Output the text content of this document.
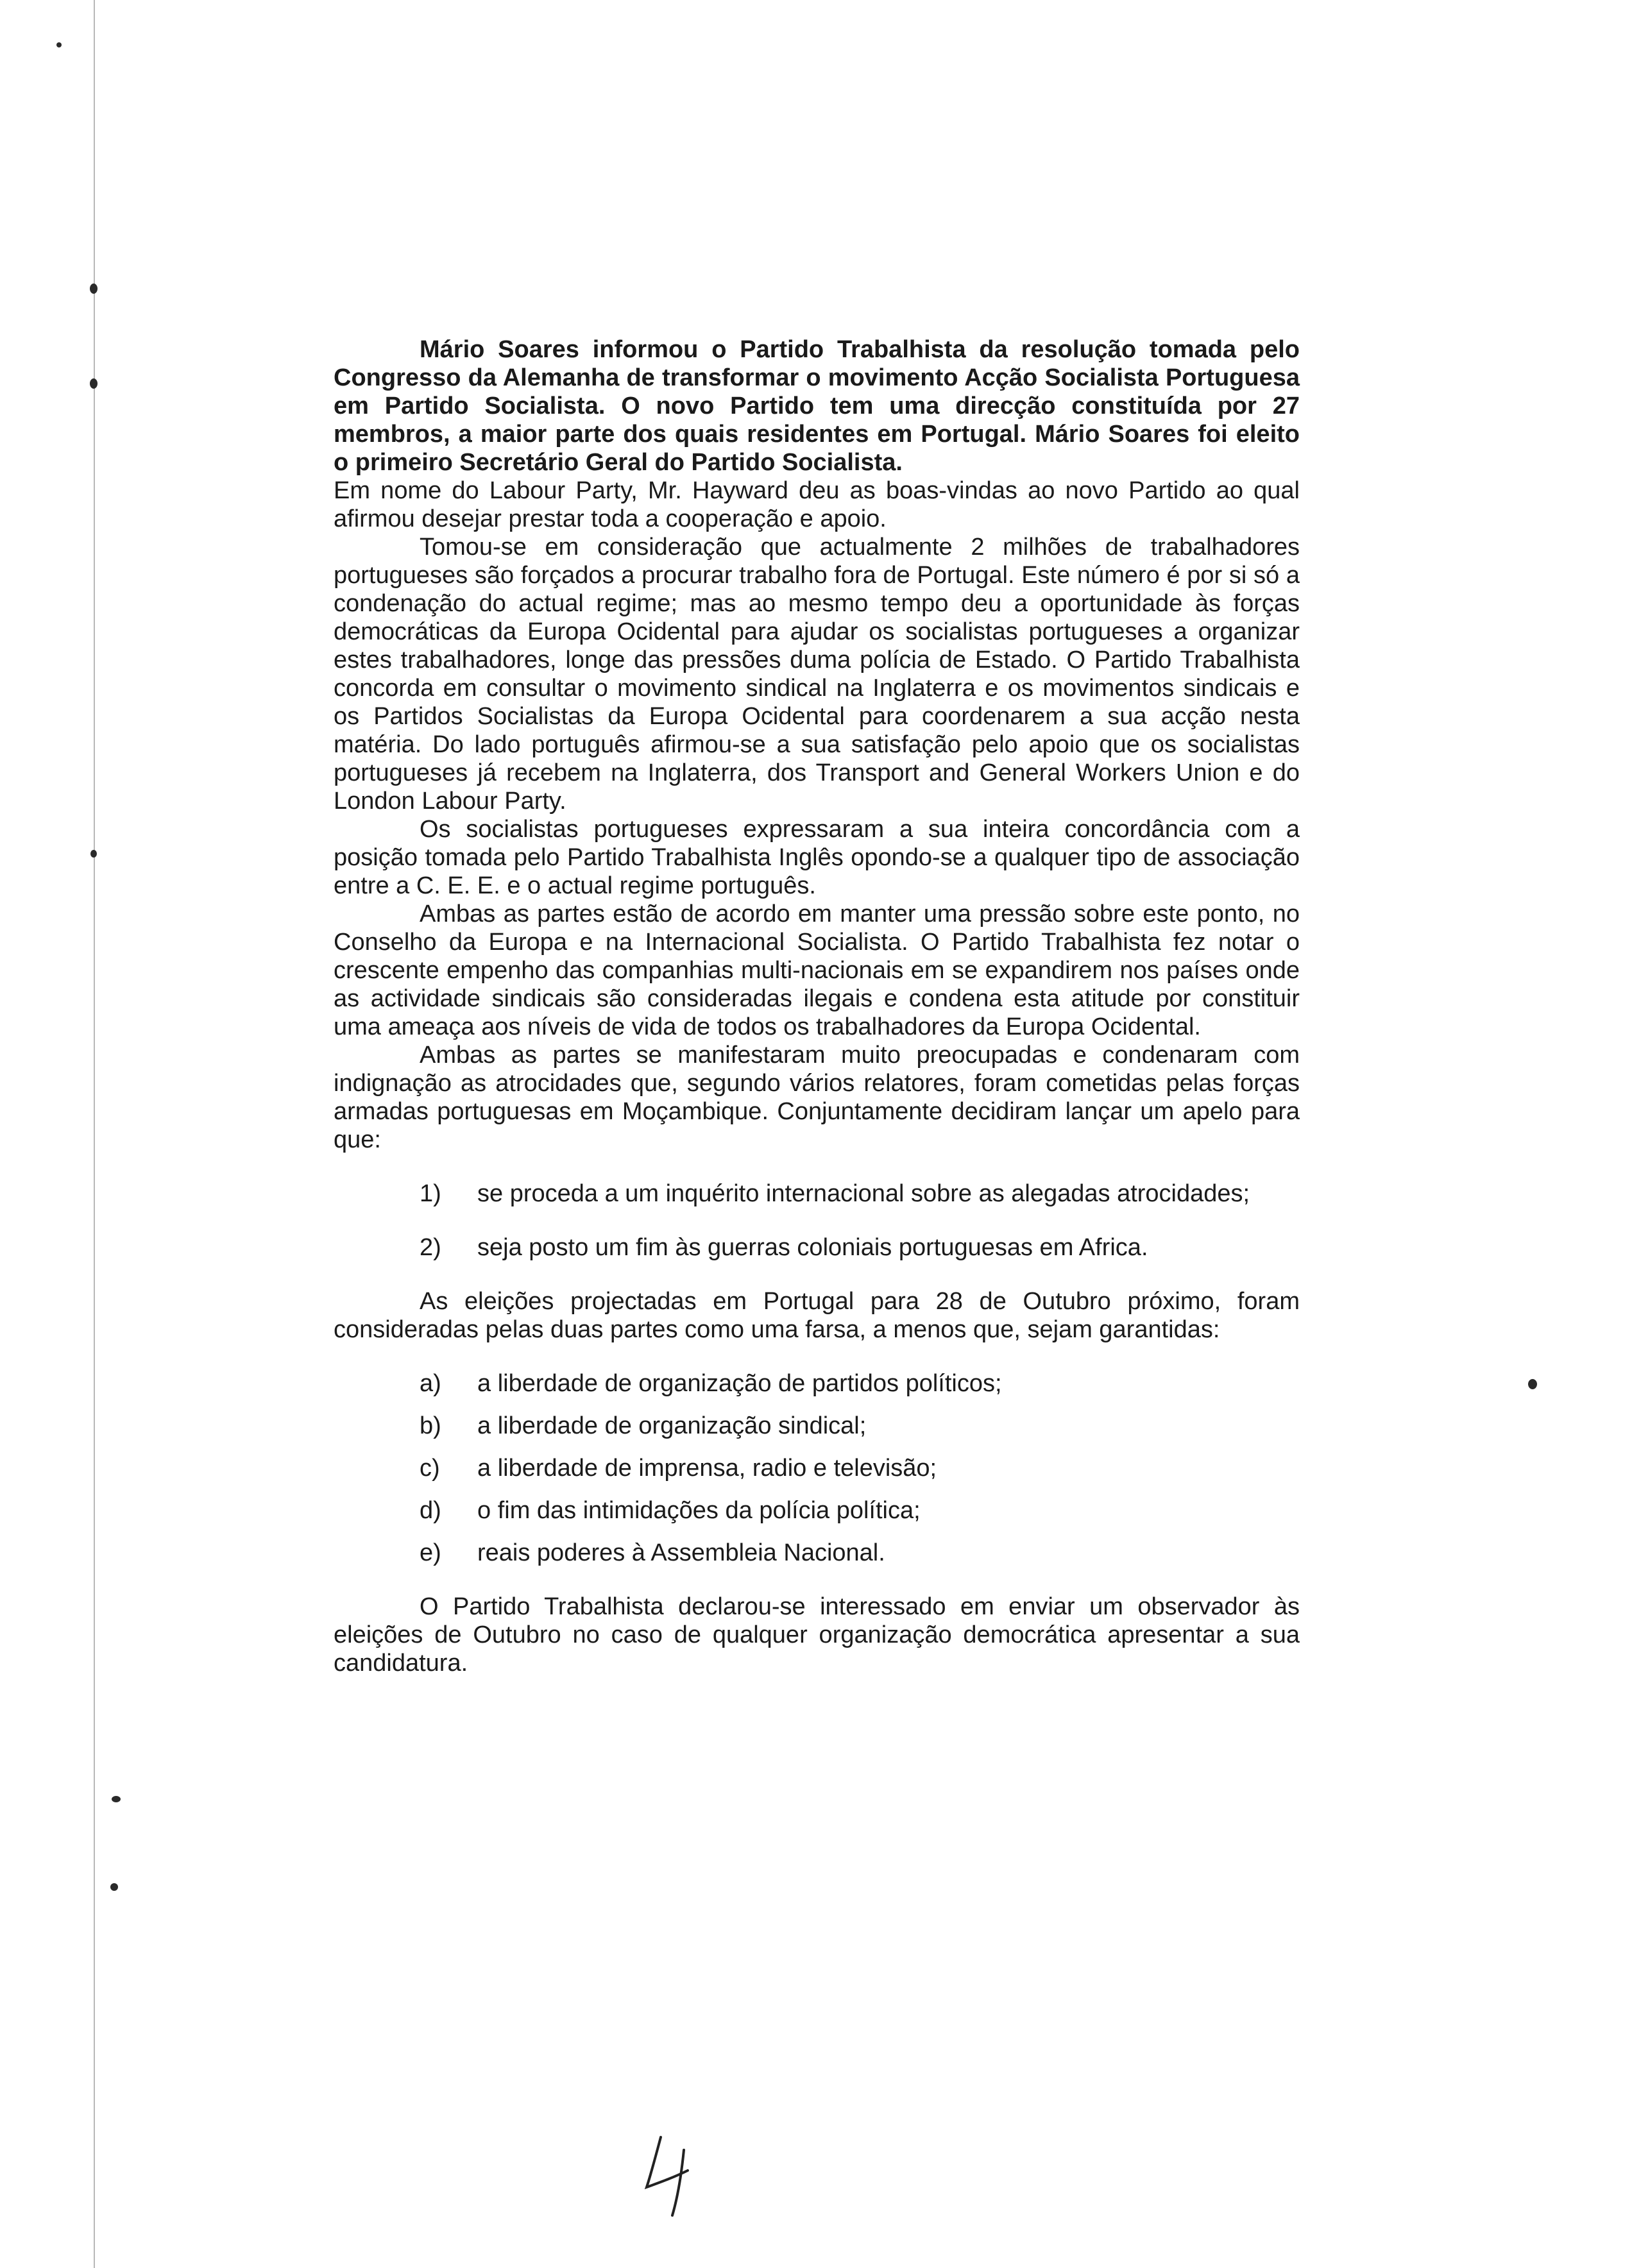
Mário Soares informou o Partido Trabalhista da resolução tomada pelo Congresso da Alemanha de transformar o movimento Acção Socialista Portuguesa em Partido Socialista. O novo Partido tem uma direcção constituída por 27 membros, a maior parte dos quais residentes em Portugal. Mário Soares foi eleito o primeiro Secretário Geral do Partido Socialista.

Em nome do Labour Party, Mr. Hayward deu as boas-vindas ao novo Partido ao qual afirmou desejar prestar toda a cooperação e apoio.

Tomou-se em consideração que actualmente 2 milhões de trabalhadores portugueses são forçados a procurar trabalho fora de Portugal. Este número é por si só a condenação do actual regime; mas ao mesmo tempo deu a oportunidade às forças democráticas da Europa Ocidental para ajudar os socialistas portugueses a organizar estes trabalhadores, longe das pressões duma polícia de Estado. O Partido Trabalhista concorda em consultar o movimento sindical na Inglaterra e os movimentos sindicais e os Partidos Socialistas da Europa Ocidental para coordenarem a sua acção nesta matéria. Do lado português afirmou-se a sua satisfação pelo apoio que os socialistas portugueses já recebem na Inglaterra, dos Transport and General Workers Union e do London Labour Party.

Os socialistas portugueses expressaram a sua inteira concordância com a posição tomada pelo Partido Trabalhista Inglês opondo-se a qualquer tipo de associação entre a C. E. E. e o actual regime português.

Ambas as partes estão de acordo em manter uma pressão sobre este ponto, no Conselho da Europa e na Internacional Socialista. O Partido Trabalhista fez notar o crescente empenho das companhias multi-nacionais em se expandirem nos países onde as actividade sindicais são consideradas ilegais e condena esta atitude por constituir uma ameaça aos níveis de vida de todos os trabalhadores da Europa Ocidental.

Ambas as partes se manifestaram muito preocupadas e condenaram com indignação as atrocidades que, segundo vários relatores, foram cometidas pelas forças armadas portuguesas em Moçambique. Conjuntamente decidiram lançar um apelo para que:

1) se proceda a um inquérito internacional sobre as alegadas atrocidades;

2) seja posto um fim às guerras coloniais portuguesas em Africa.

As eleições projectadas em Portugal para 28 de Outubro próximo, foram consideradas pelas duas partes como uma farsa, a menos que, sejam garantidas:

a) a liberdade de organização de partidos políticos;

b) a liberdade de organização sindical;

c) a liberdade de imprensa, radio e televisão;

d) o fim das intimidações da polícia política;

e) reais poderes à Assembleia Nacional.

O Partido Trabalhista declarou-se interessado em enviar um observador às eleições de Outubro no caso de qualquer organização democrática apresentar a sua candidatura.
